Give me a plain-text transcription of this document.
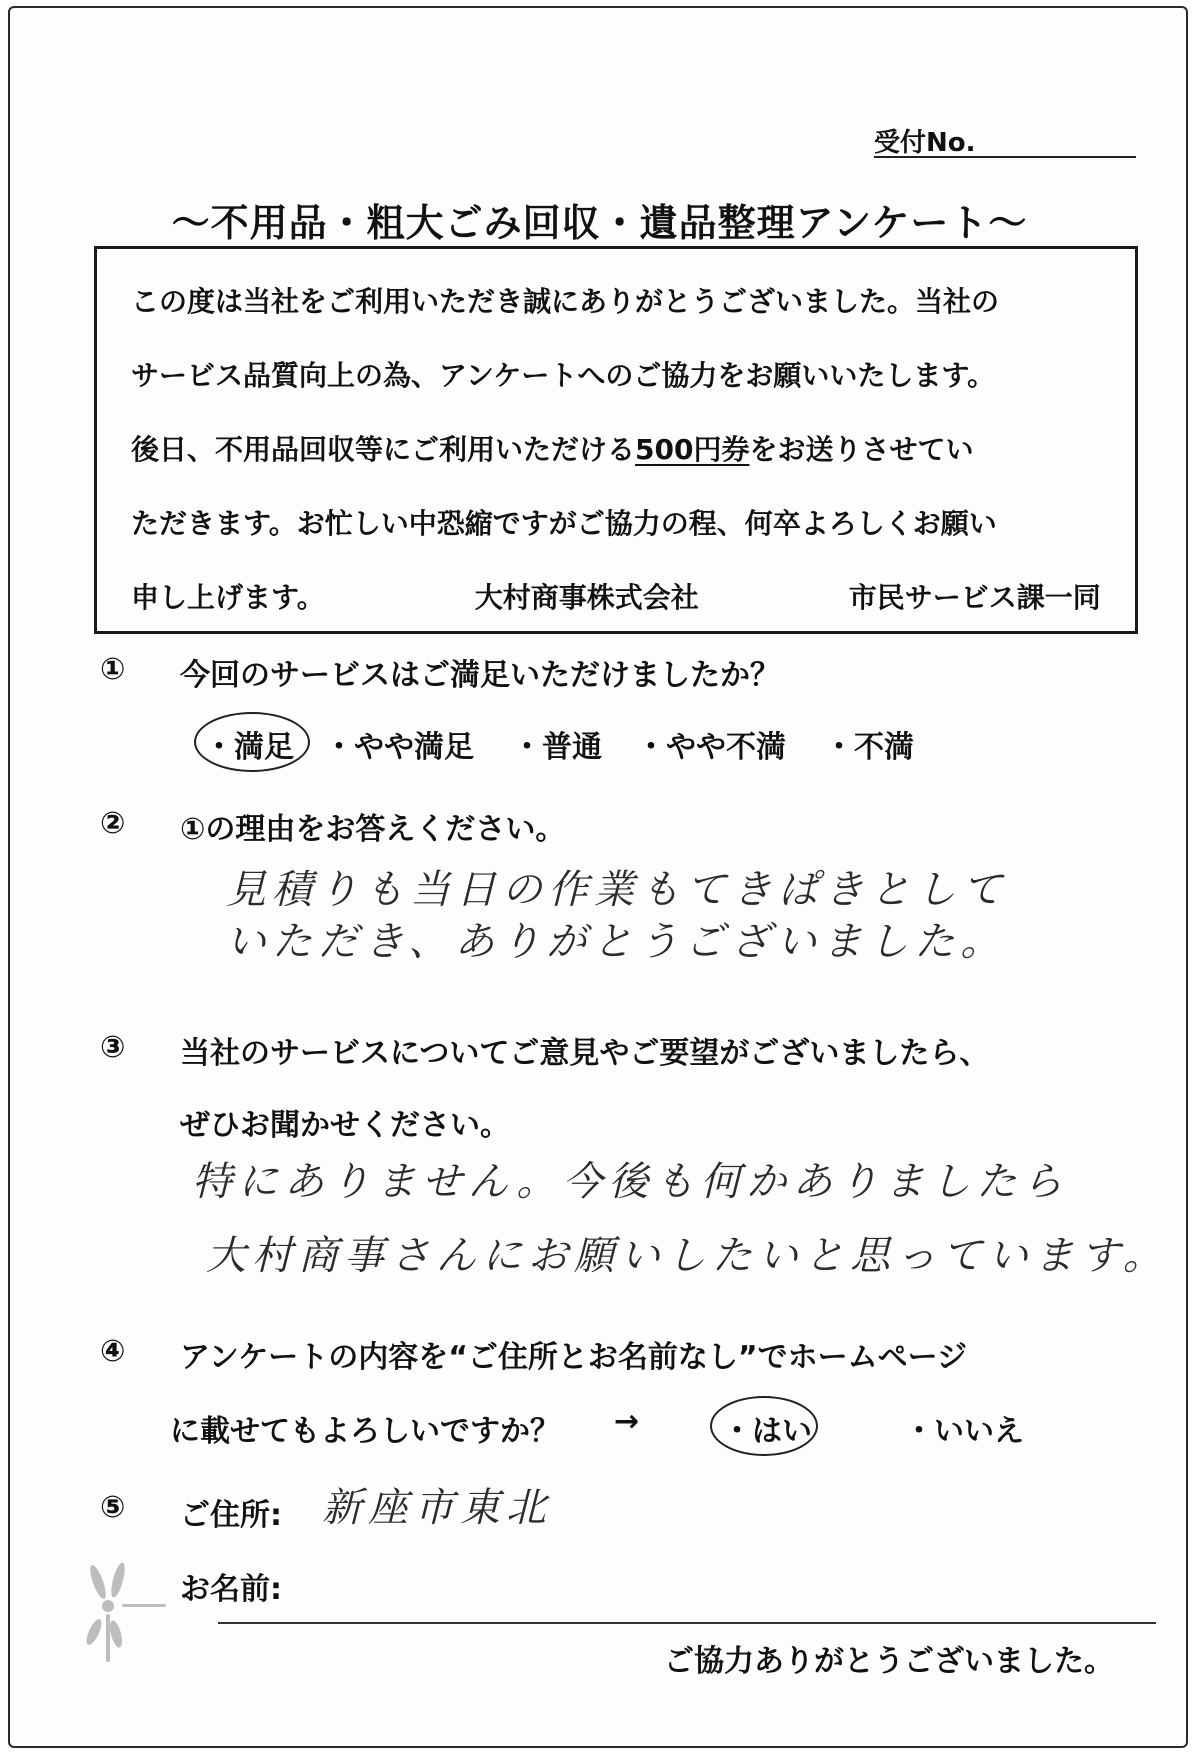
受付No.
～不用品・粗大ごみ回収・遺品整理アンケート～
この度は当社をご利用いただき誠にありがとうございました。当社の
サービス品質向上の為、アンケートへのご協力をお願いいたします。
後日、不用品回収等にご利用いただける500円券をお送りさせてい
ただきます。お忙しい中恐縮ですがご協力の程、何卒よろしくお願い
申し上げます。	大村商事株式会社	市民サービス課一同
① 今回のサービスはご満足いただけましたか？
・満足 ・やや満足 ・普通 ・やや不満 ・不満
② ①の理由をお答えください。
見積りも当日の作業もてきぱきとして
いただき、ありがとうございました。
③ 当社のサービスについてご意見やご要望がございましたら、
ぜひお聞かせください。
特にありません。今後も何かありましたら
大村商事さんにお願いしたいと思っています。
④ アンケートの内容を“ご住所とお名前なし”でホームページ
に載せてもよろしいですか？ →	・はい	・いいえ
⑤ ご住所: 新座市東北
お名前:
ご協力ありがとうございました。
